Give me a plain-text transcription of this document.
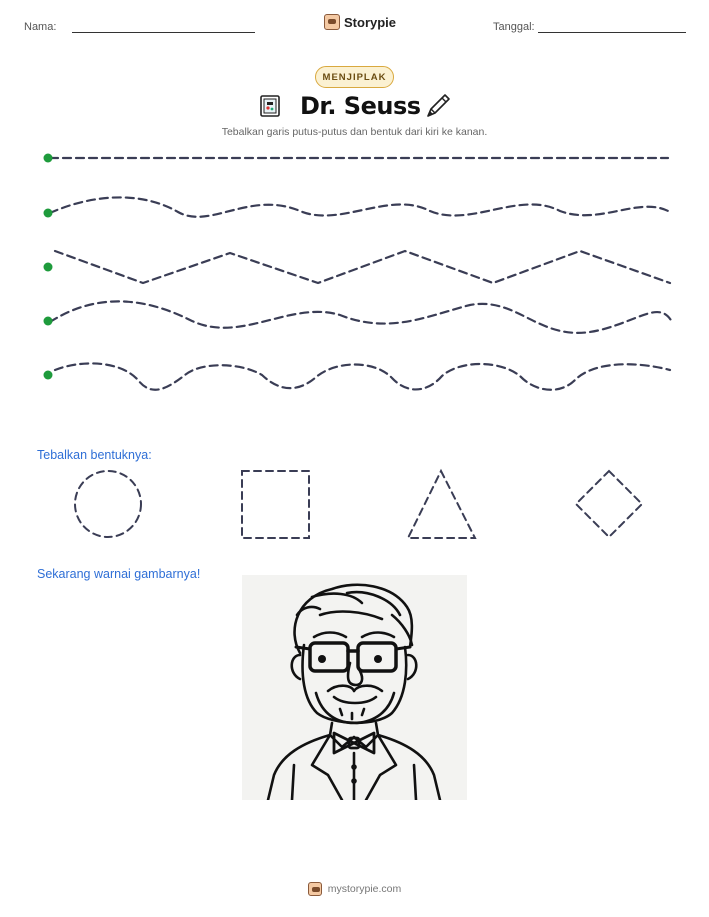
Nama:	Storypie	Tanggal:
MENJIPLAK
Dr. Seuss
Tebalkan garis putus-putus dan bentuk dari kiri ke kanan.
Tebalkan bentuknya:
Sekarang warnai gambarnya!
mystorypie.com
